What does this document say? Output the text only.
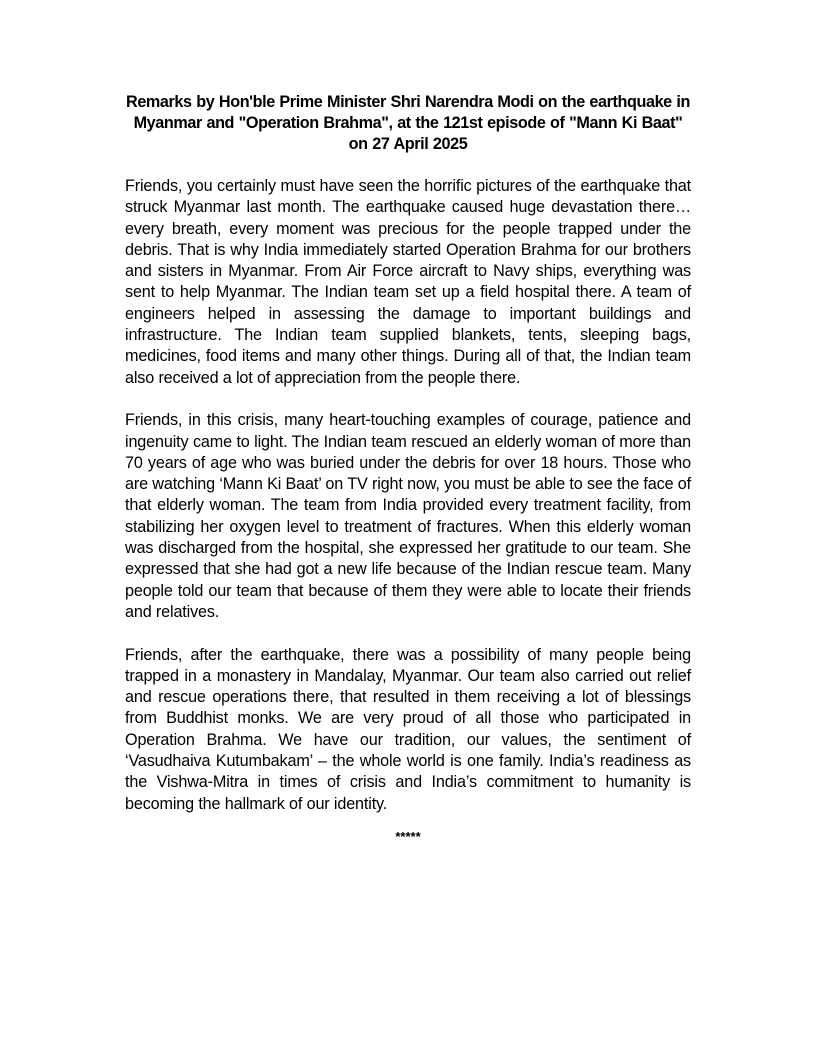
Remarks by Hon'ble Prime Minister Shri Narendra Modi on the earthquake in Myanmar and "Operation Brahma", at the 121st episode of "Mann Ki Baat" on 27 April 2025

Friends, you certainly must have seen the horrific pictures of the earthquake that struck Myanmar last month. The earthquake caused huge devastation there… every breath, every moment was precious for the people trapped under the debris. That is why India immediately started Operation Brahma for our brothers and sisters in Myanmar. From Air Force aircraft to Navy ships, everything was sent to help Myanmar. The Indian team set up a field hospital there. A team of engineers helped in assessing the damage to important buildings and infrastructure. The Indian team supplied blankets, tents, sleeping bags, medicines, food items and many other things. During all of that, the Indian team also received a lot of appreciation from the people there.

Friends, in this crisis, many heart-touching examples of courage, patience and ingenuity came to light. The Indian team rescued an elderly woman of more than 70 years of age who was buried under the debris for over 18 hours. Those who are watching ‘Mann Ki Baat’ on TV right now, you must be able to see the face of that elderly woman. The team from India provided every treatment facility, from stabilizing her oxygen level to treatment of fractures. When this elderly woman was discharged from the hospital, she expressed her gratitude to our team. She expressed that she had got a new life because of the Indian rescue team. Many people told our team that because of them they were able to locate their friends and relatives.

Friends, after the earthquake, there was a possibility of many people being trapped in a monastery in Mandalay, Myanmar. Our team also carried out relief and rescue operations there, that resulted in them receiving a lot of blessings from Buddhist monks. We are very proud of all those who participated in Operation Brahma. We have our tradition, our values, the sentiment of ‘Vasudhaiva Kutumbakam’ – the whole world is one family. India’s readiness as the Vishwa-Mitra in times of crisis and India’s commitment to humanity is becoming the hallmark of our identity.

*****
